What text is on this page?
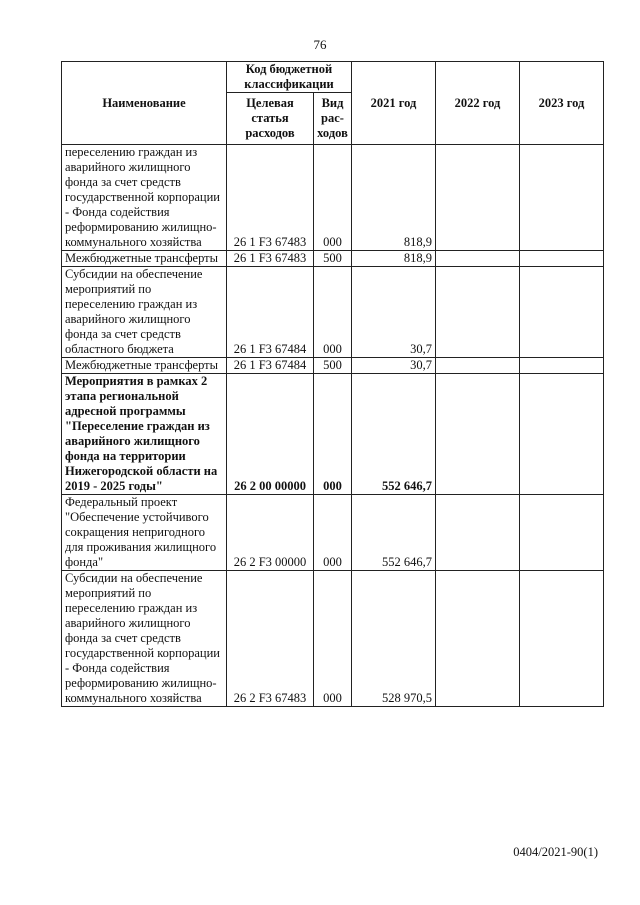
76
Наименование	Код бюджетной классификации		2021 год	2022 год	2023 год
	Целевая статья расходов	Вид рас-ходов			
переселению граждан из аварийного жилищного фонда за счет средств государственной корпорации - Фонда содействия реформированию жилищно-коммунального хозяйства	26 1 F3 67483	000	818,9		
Межбюджетные трансферты	26 1 F3 67483	500	818,9		
Субсидии на обеспечение мероприятий по переселению граждан из аварийного жилищного фонда за счет средств областного бюджета	26 1 F3 67484	000	30,7		
Межбюджетные трансферты	26 1 F3 67484	500	30,7		
Мероприятия в рамках 2 этапа региональной адресной программы "Переселение граждан из аварийного жилищного фонда на территории Нижегородской области на 2019 - 2025 годы"	26 2 00 00000	000	552 646,7		
Федеральный проект "Обеспечение устойчивого сокращения непригодного для проживания жилищного фонда"	26 2 F3 00000	000	552 646,7		
Субсидии на обеспечение мероприятий по переселению граждан из аварийного жилищного фонда за счет средств государственной корпорации - Фонда содействия реформированию жилищно-коммунального хозяйства	26 2 F3 67483	000	528 970,5		
0404/2021-90(1)
